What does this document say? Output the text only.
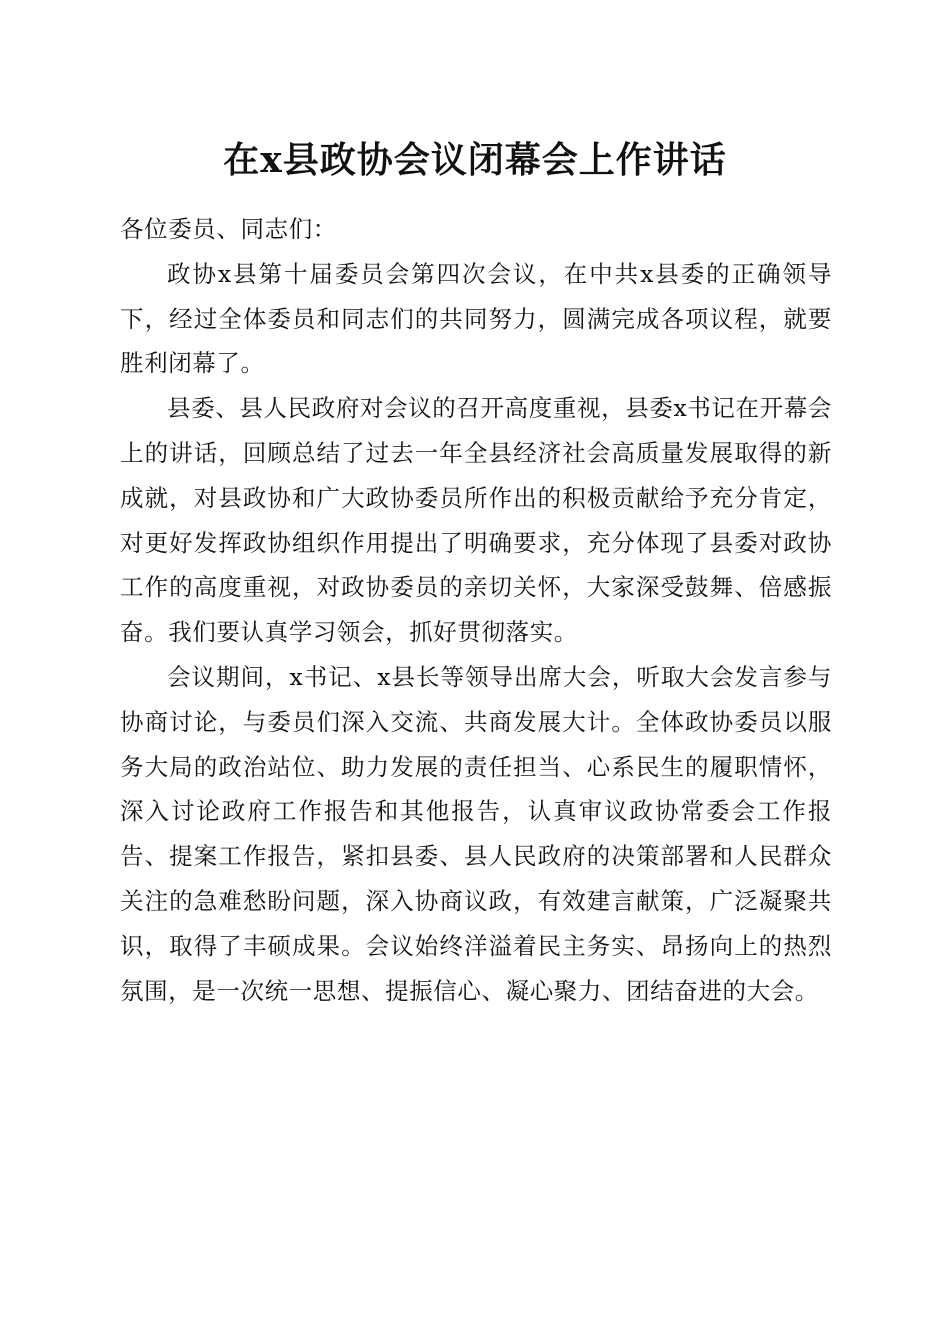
在x县政协会议闭幕会上作讲话

各位委员、同志们：

政协x县第十届委员会第四次会议，在中共x县委的正确领导下，经过全体委员和同志们的共同努力，圆满完成各项议程，就要胜利闭幕了。

县委、县人民政府对会议的召开高度重视，县委x书记在开幕会上的讲话，回顾总结了过去一年全县经济社会高质量发展取得的新成就，对县政协和广大政协委员所作出的积极贡献给予充分肯定，对更好发挥政协组织作用提出了明确要求，充分体现了县委对政协工作的高度重视，对政协委员的亲切关怀，大家深受鼓舞、倍感振奋。我们要认真学习领会，抓好贯彻落实。

会议期间，x书记、x县长等领导出席大会，听取大会发言参与协商讨论，与委员们深入交流、共商发展大计。全体政协委员以服务大局的政治站位、助力发展的责任担当、心系民生的履职情怀，深入讨论政府工作报告和其他报告，认真审议政协常委会工作报告、提案工作报告，紧扣县委、县人民政府的决策部署和人民群众关注的急难愁盼问题，深入协商议政，有效建言献策，广泛凝聚共识，取得了丰硕成果。会议始终洋溢着民主务实、昂扬向上的热烈氛围，是一次统一思想、提振信心、凝心聚力、团结奋进的大会。
